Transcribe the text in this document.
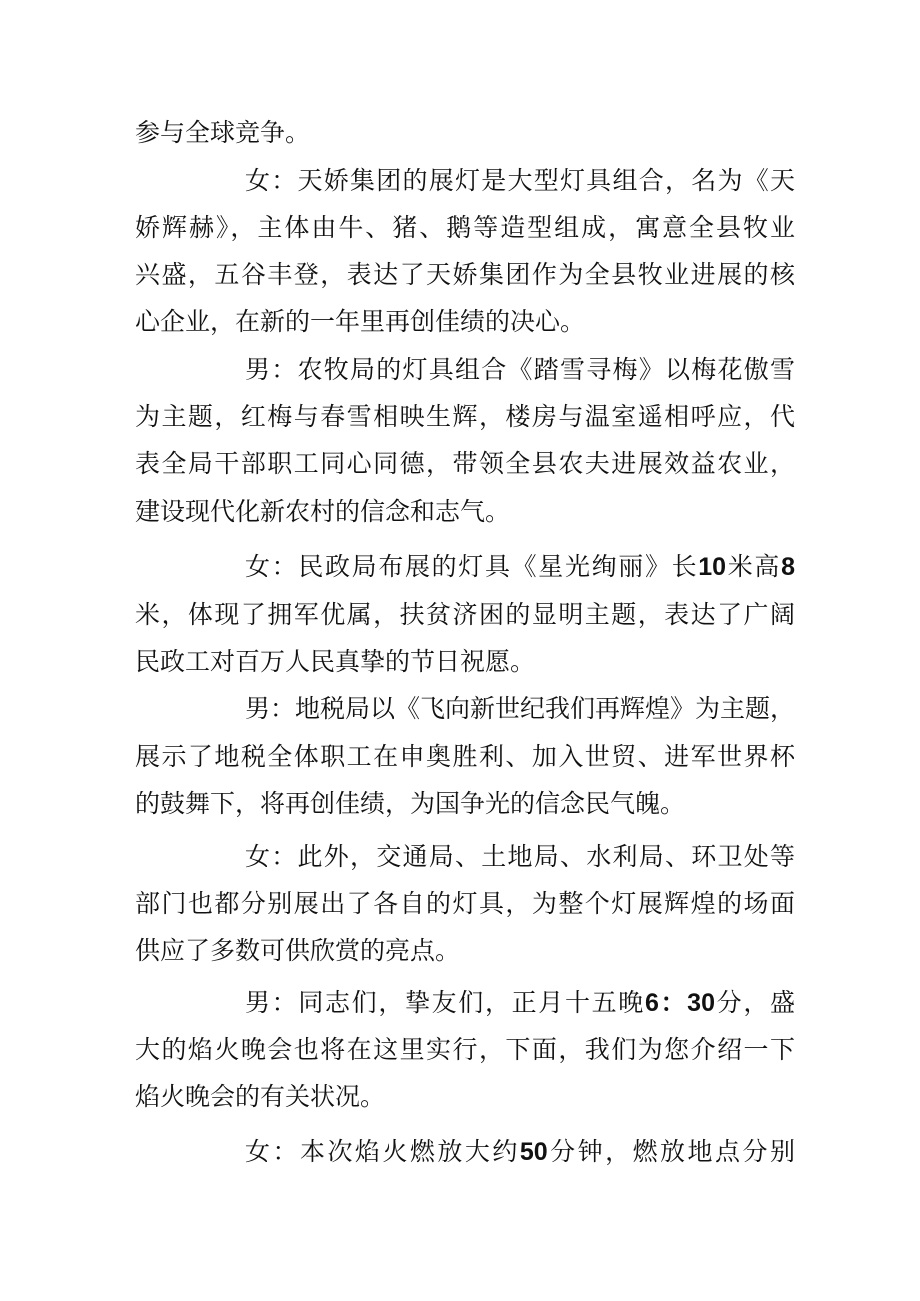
参与全球竞争。
女：天娇集团的展灯是大型灯具组合，名为《天
娇辉赫》，主体由牛、猪、鹅等造型组成，寓意全县牧业
兴盛，五谷丰登，表达了天娇集团作为全县牧业进展的核
心企业，在新的一年里再创佳绩的决心。
男：农牧局的灯具组合《踏雪寻梅》以梅花傲雪
为主题，红梅与春雪相映生辉，楼房与温室遥相呼应，代
表全局干部职工同心同德，带领全县农夫进展效益农业，
建设现代化新农村的信念和志气。
女：民政局布展的灯具《星光绚丽》长10米高8
米，体现了拥军优属，扶贫济困的显明主题，表达了广阔
民政工对百万人民真挚的节日祝愿。
男：地税局以《飞向新世纪我们再辉煌》为主题，
展示了地税全体职工在申奥胜利、加入世贸、进军世界杯
的鼓舞下，将再创佳绩，为国争光的信念民气魄。
女：此外，交通局、土地局、水利局、环卫处等
部门也都分别展出了各自的灯具，为整个灯展辉煌的场面
供应了多数可供欣赏的亮点。
男：同志们，挚友们，正月十五晚6：30分，盛
大的焰火晚会也将在这里实行，下面，我们为您介绍一下
焰火晚会的有关状况。
女：本次焰火燃放大约50分钟，燃放地点分别
